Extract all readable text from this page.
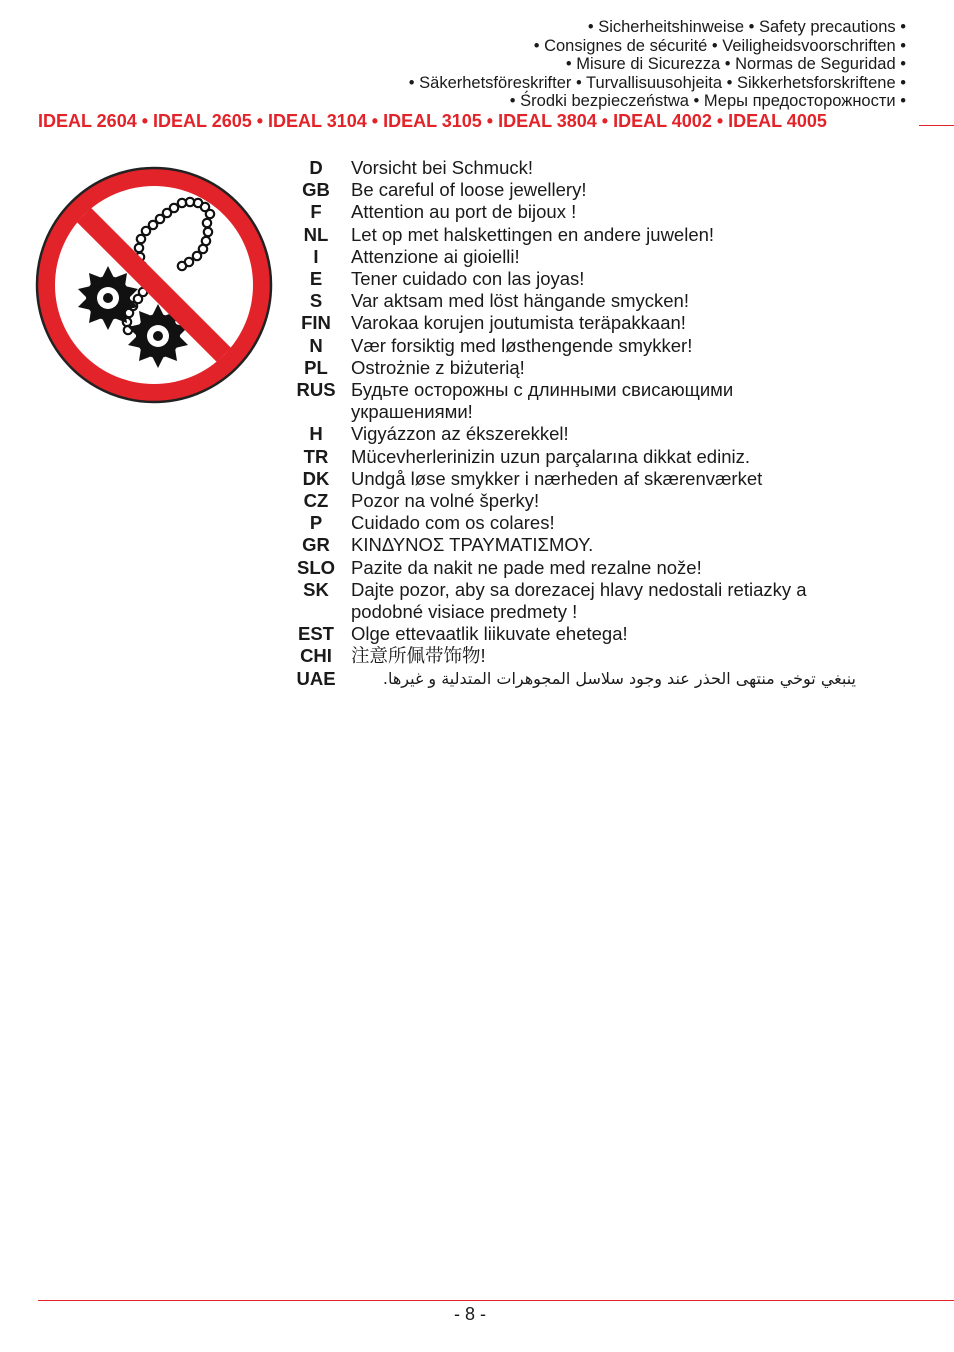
• Sicherheitshinweise • Safety precautions •
• Consignes de sécurité • Veiligheidsvoorschriften •
• Misure di Sicurezza • Normas de Seguridad •
• Säkerhetsföreskrifter • Turvallisuusohjeita • Sikkerhetsforskriftene •
• Środki bezpieczeństwa • Меры предосторожности •
IDEAL 2604 • IDEAL 2605 • IDEAL 3104 • IDEAL 3105 • IDEAL 3804 • IDEAL 4002 • IDEAL 4005
D	Vorsicht bei Schmuck!
GB	Be careful of loose jewellery!
F	Attention au port de bijoux !
NL	Let op met halskettingen en andere juwelen!
I	Attenzione ai gioielli!
E	Tener cuidado con las joyas!
S	Var aktsam med löst hängande smycken!
FIN	Varokaa korujen joutumista teräpakkaan!
N	Vær forsiktig med løsthengende smykker!
PL	Ostrożnie z biżuterią!
RUS Будьте осторожны с длинными свисающими украшениями!
H	Vigyázzon az ékszerekkel!
TR	Mücevherlerinizin uzun parçalarına dikkat ediniz.
DK	Undgå løse smykker i nærheden af skærenværket
CZ	Pozor na volné šperky!
P	Cuidado com os colares!
GR	ΚΙΝΔΥΝΟΣ ΤΡΑΥΜΑΤΙΣΜΟΥ.
SLO Pazite da nakit ne pade med rezalne nože!
SK	Dajte pozor, aby sa dorezacej hlavy nedostali retiazky a podobné visiace predmety !
EST Olge ettevaatlik liikuvate ehetega!
CHI	注意所佩带饰物!
UAE	ينبغي توخي منتهى الحذر عند وجود سلاسل المجوهرات المتدلية و غيرها.
- 8 -
